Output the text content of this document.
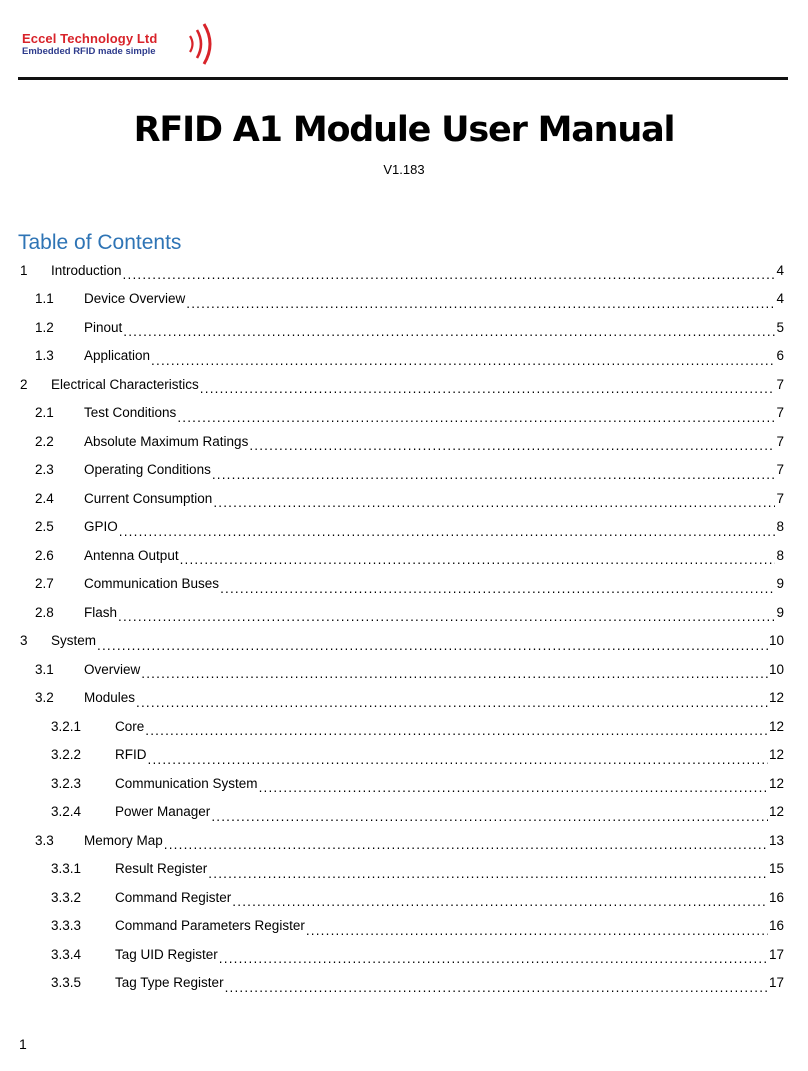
Eccel Technology Ltd
Embedded RFID made simple
RFID A1 Module User Manual
V1.183
Table of Contents
1	Introduction .....	4
1.1	Device Overview .....	4
1.2	Pinout .....	5
1.3	Application .....	6
2	Electrical Characteristics .....	7
2.1	Test Conditions .....	7
2.2	Absolute Maximum Ratings .....	7
2.3	Operating Conditions .....	7
2.4	Current Consumption .....	7
2.5	GPIO .....	8
2.6	Antenna Output .....	8
2.7	Communication Buses .....	9
2.8	Flash .....	9
3	System .....	10
3.1	Overview .....	10
3.2	Modules .....	12
3.2.1	Core .....	12
3.2.2	RFID .....	12
3.2.3	Communication System .....	12
3.2.4	Power Manager .....	12
3.3	Memory Map .....	13
3.3.1	Result Register .....	15
3.3.2	Command Register .....	16
3.3.3	Command Parameters Register .....	16
3.3.4	Tag UID Register .....	17
3.3.5	Tag Type Register .....	17
1
